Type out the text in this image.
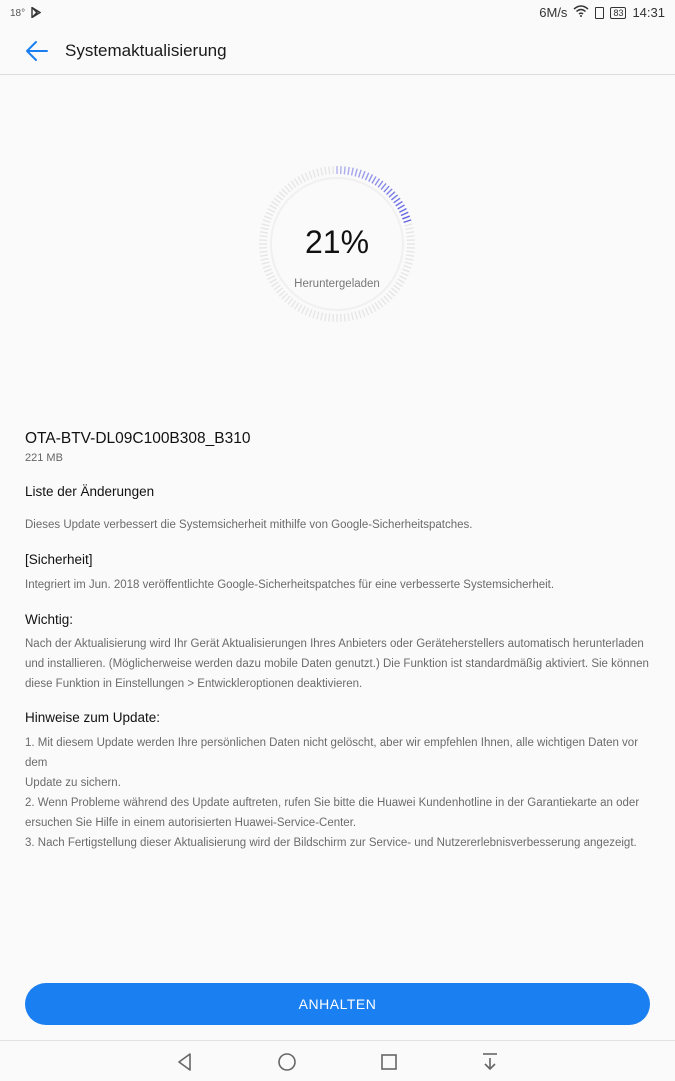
18°	6M/s	83 14:31
Systemaktualisierung
21%
Heruntergeladen
OTA-BTV-DL09C100B308_B310
221 MB
Liste der Änderungen
Dieses Update verbessert die Systemsicherheit mithilfe von Google-Sicherheitspatches.
[Sicherheit]
Integriert im Jun. 2018 veröffentlichte Google-Sicherheitspatches für eine verbesserte Systemsicherheit.
Wichtig:
Nach der Aktualisierung wird Ihr Gerät Aktualisierungen Ihres Anbieters oder Geräteherstellers automatisch herunterladen
und installieren. (Möglicherweise werden dazu mobile Daten genutzt.) Die Funktion ist standardmäßig aktiviert. Sie können
diese Funktion in Einstellungen > Entwickleroptionen deaktivieren.
Hinweise zum Update:
1. Mit diesem Update werden Ihre persönlichen Daten nicht gelöscht, aber wir empfehlen Ihnen, alle wichtigen Daten vor dem
Update zu sichern.
2. Wenn Probleme während des Update auftreten, rufen Sie bitte die Huawei Kundenhotline in der Garantiekarte an oder
ersuchen Sie Hilfe in einem autorisierten Huawei-Service-Center.
3. Nach Fertigstellung dieser Aktualisierung wird der Bildschirm zur Service- und Nutzererlebnisverbesserung angezeigt.
ANHALTEN
